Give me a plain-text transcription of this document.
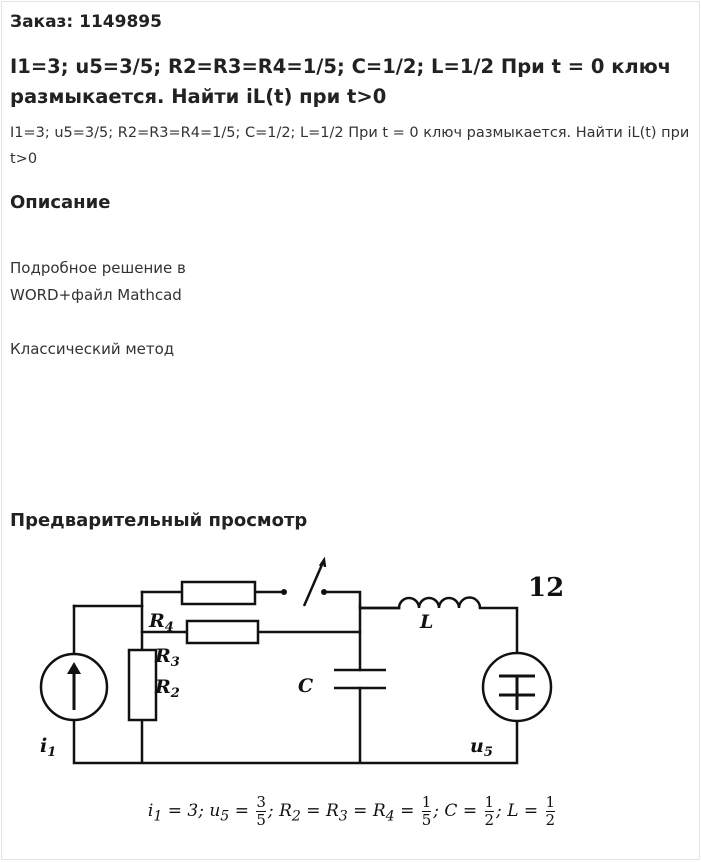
Заказ: 1149895
I1=3; u5=3/5; R2=R3=R4=1/5; C=1/2; L=1/2 При t = 0 ключ размыкается. Найти iL(t) при t>0
I1=3; u5=3/5; R2=R3=R4=1/5; C=1/2; L=1/2 При t = 0 ключ размыкается. Найти iL(t) при t>0
Описание

Подробное решение в

WORD+файл Mathcad

Классический метод

Предварительный просмотр
$R_4$
$R_3$
$R_2$	C
L
$i_1$	$u_5$
12
$i_1 = 3$; $u_5 = \frac{3}{5}$ ; $R_2 = R_3 = R_4 = \frac{1}{5}$ ; $C = \frac{1}{2}$ ; $L = \frac{1}{2}$
